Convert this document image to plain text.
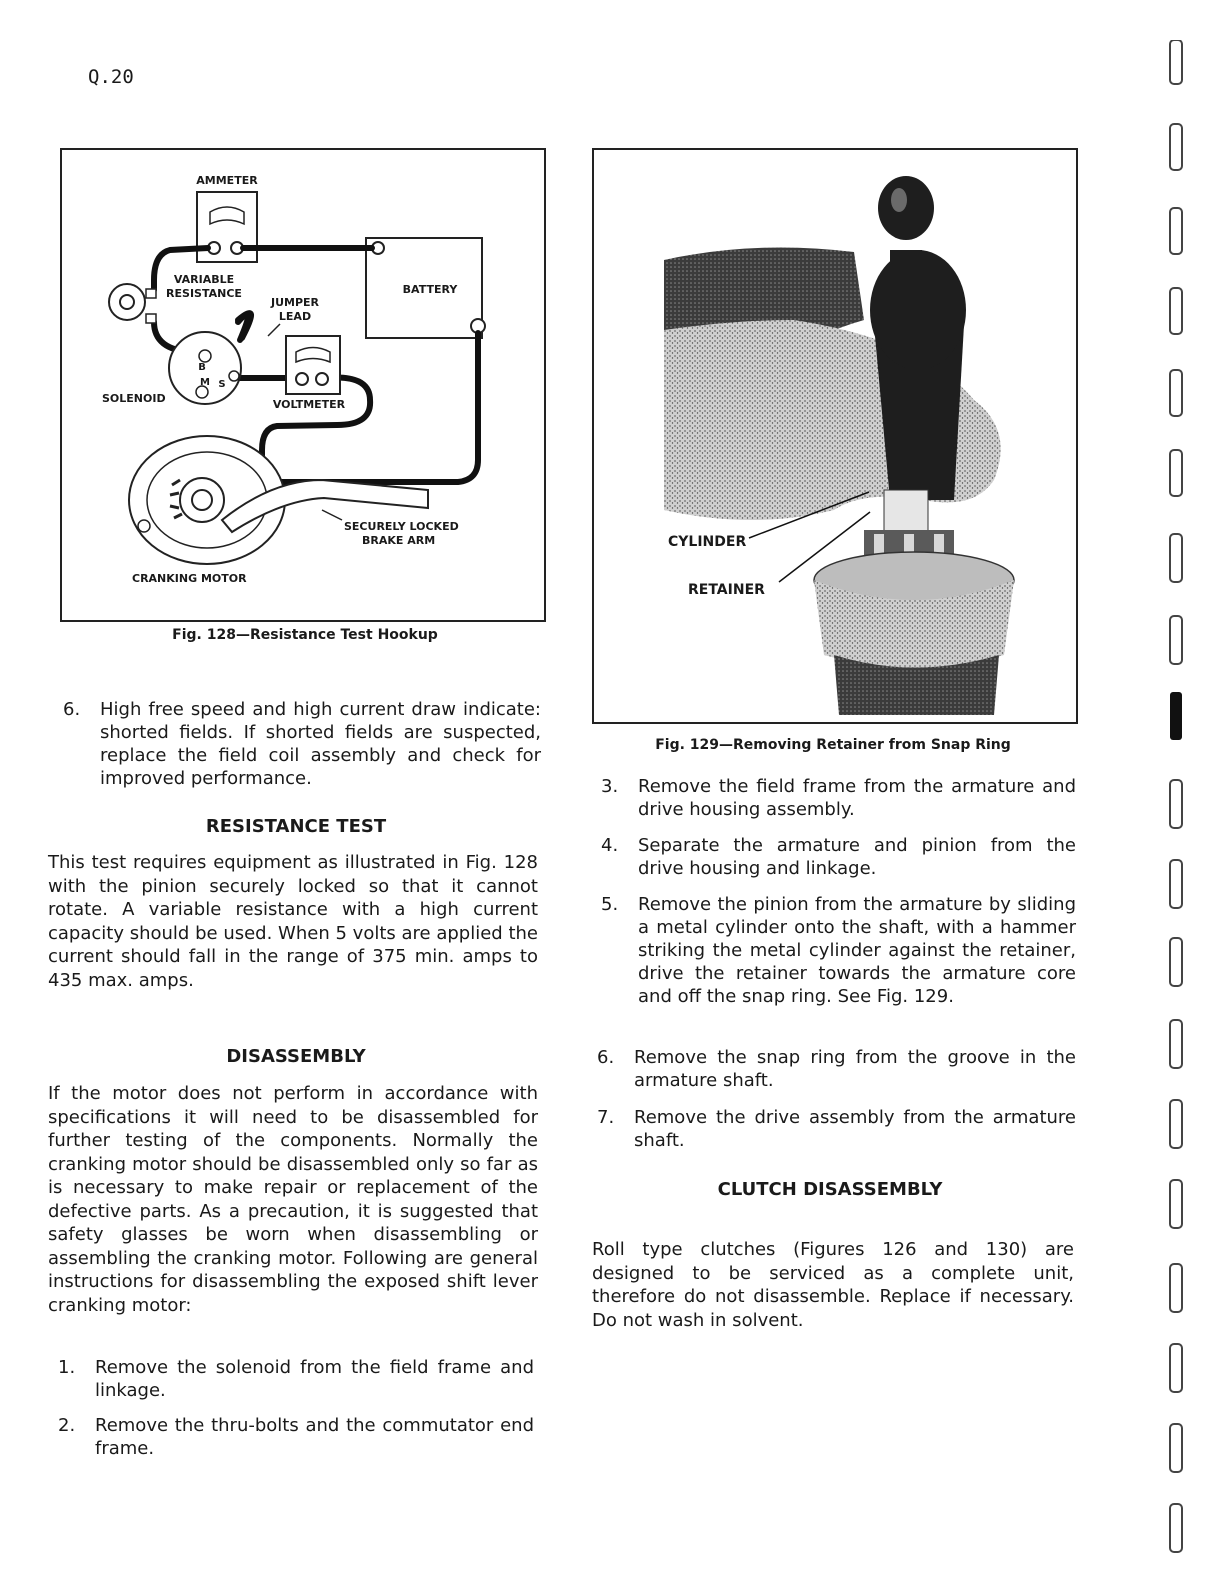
Q.20
AMMETER
BATTERY
VARIABLE
RESISTANCE
JUMPER
LEAD
B
M S
SOLENOID	VOLTMETER
SECURELY LOCKED
BRAKE ARM
CRANKING MOTOR
Fig. 128—Resistance Test Hookup
CYLINDER
RETAINER
Fig. 129—Removing Retainer from Snap Ring
6. High free speed and high current draw indicate: shorted fields. If shorted fields are suspected, replace the field coil assembly and check for improved performance.
RESISTANCE TEST
This test requires equipment as illustrated in Fig. 128 with the pinion securely locked so that it cannot rotate. A variable resistance with a high current capacity should be used. When 5 volts are applied the current should fall in the range of 375 min. amps to 435 max. amps.
DISASSEMBLY
If the motor does not perform in accordance with specifications it will need to be disassembled for further testing of the components. Normally the cranking motor should be disassembled only so far as is necessary to make repair or replacement of the defective parts. As a precaution, it is suggested that safety glasses be worn when disassembling or assembling the cranking motor. Following are general instructions for disassembling the exposed shift lever cranking motor:
1. Remove the solenoid from the field frame and linkage.
2. Remove the thru-bolts and the commutator end frame.
3. Remove the field frame from the armature and drive housing assembly.
4. Separate the armature and pinion from the drive housing and linkage.
5. Remove the pinion from the armature by sliding a metal cylinder onto the shaft, with a hammer striking the metal cylinder against the retainer, drive the retainer towards the armature core and off the snap ring. See Fig. 129.
6. Remove the snap ring from the groove in the armature shaft.
7. Remove the drive assembly from the armature shaft.
CLUTCH DISASSEMBLY
Roll type clutches (Figures 126 and 130) are designed to be serviced as a complete unit, therefore do not disassemble. Replace if necessary. Do not wash in solvent.
